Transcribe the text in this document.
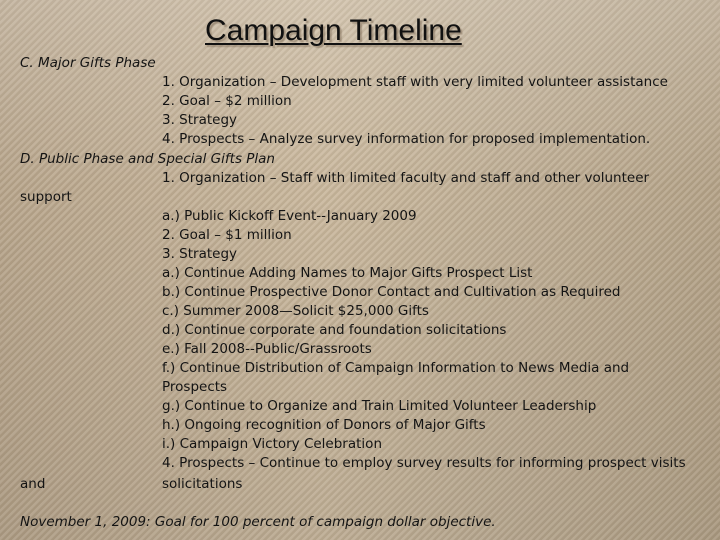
Campaign Timeline

C. Major Gifts Phase

1. Organization – Development staff with very limited volunteer assistance

2. Goal – $2 million

3. Strategy

4. Prospects – Analyze survey information for proposed implementation.

D. Public Phase and Special Gifts Plan

1. Organization – Staff with limited faculty and staff and other volunteer

support

a.) Public Kickoff Event--January 2009

2. Goal – $1 million

3. Strategy

a.) Continue Adding Names to Major Gifts Prospect List

b.) Continue Prospective Donor Contact and Cultivation as Required

c.) Summer 2008—Solicit $25,000 Gifts

d.) Continue corporate and foundation solicitations

e.) Fall 2008--Public/Grassroots

f.) Continue Distribution of Campaign Information to News Media and

Prospects

g.) Continue to Organize and Train Limited Volunteer Leadership

h.) Ongoing recognition of Donors of Major Gifts

i.) Campaign Victory Celebration

4. Prospects – Continue to employ survey results for informing prospect visits

and	solicitations

November 1, 2009: Goal for 100 percent of campaign dollar objective.
